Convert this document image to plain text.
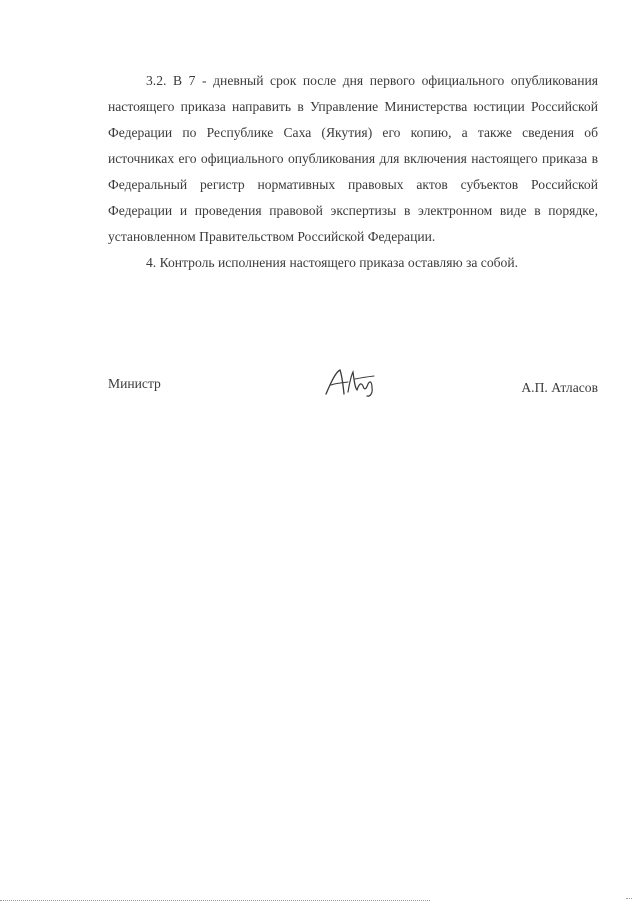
3.2. В 7 - дневный срок после дня первого официального опубликования настоящего приказа направить в Управление Министерства юстиции Российской Федерации по Республике Саха (Якутия) его копию, а также сведения об источниках его официального опубликования для включения настоящего приказа в Федеральный регистр нормативных правовых актов субъектов Российской Федерации и проведения правовой экспертизы в электронном виде в порядке, установленном Правительством Российской Федерации.

4. Контроль исполнения настоящего приказа оставляю за собой.

Министр	А.П. Атласов
